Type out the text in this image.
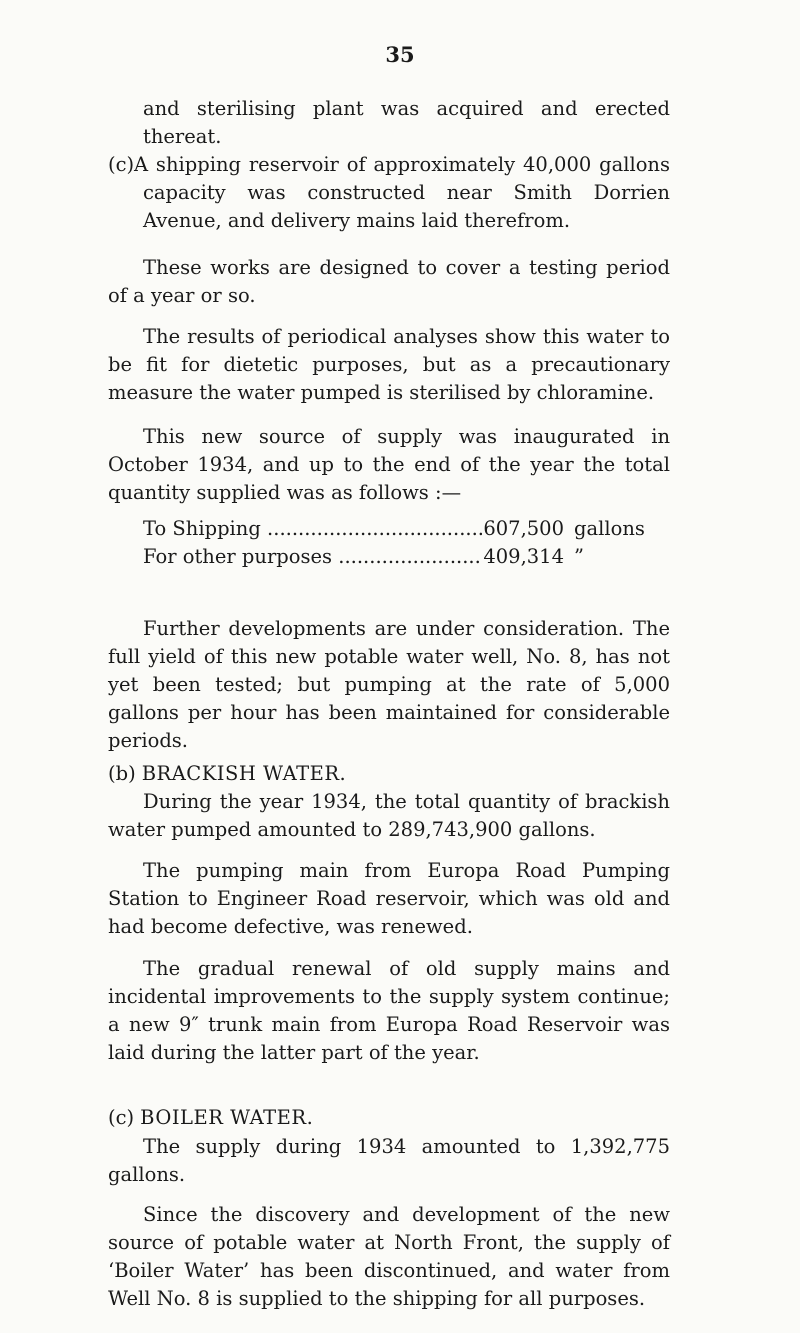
35

and sterilising plant was acquired and erected thereat.

(c)A shipping reservoir of approximately 40,000 gallons capacity was constructed near Smith Dorrien Avenue, and delivery mains laid therefrom.

These works are designed to cover a testing period of a year or so.

The results of periodical analyses show this water to be fit for dietetic purposes, but as a precautionary measure the water pumped is sterilised by chloramine.

This new source of supply was inaugurated in October 1934, and up to the end of the year the total quantity supplied was as follows :—

To Shipping .....	607,500 gallons
For other purposes .....	409,314 ”

Further developments are under consideration. The full yield of this new potable water well, No. 8, has not yet been tested; but pumping at the rate of 5,000 gallons per hour has been maintained for considerable periods.

(b) BRACKISH WATER.

During the year 1934, the total quantity of brackish water pumped amounted to 289,743,900 gallons.

The pumping main from Europa Road Pumping Station to Engineer Road reservoir, which was old and had become defective, was renewed.

The gradual renewal of old supply mains and incidental improvements to the supply system continue; a new 9″ trunk main from Europa Road Reservoir was laid during the latter part of the year.

(c) BOILER WATER.

The supply during 1934 amounted to 1,392,775 gallons.

Since the discovery and development of the new source of potable water at North Front, the supply of ‘Boiler Water’ has been discontinued, and water from Well No. 8 is supplied to the shipping for all purposes.
